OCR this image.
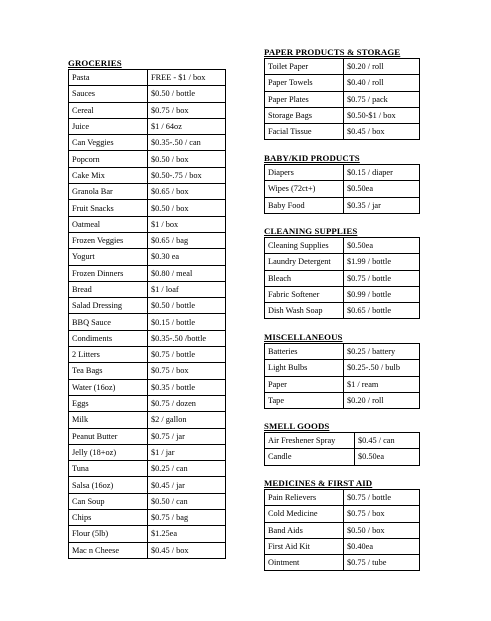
GROCERIES
Pasta	FREE - $1 / box
Sauces	$0.50 / bottle
Cereal	$0.75 / box
Juice	$1 / 64oz
Can Veggies	$0.35-.50 / can
Popcorn	$0.50 / box
Cake Mix	$0.50-.75 / box
Granola Bar	$0.65 / box
Fruit Snacks	$0.50 / box
Oatmeal	$1 / box
Frozen Veggies	$0.65 / bag
Yogurt	$0.30 ea
Frozen Dinners	$0.80 / meal
Bread	$1 / loaf
Salad Dressing	$0.50 / bottle
BBQ Sauce	$0.15 / bottle
Condiments	$0.35-.50 /bottle
2 Litters	$0.75 / bottle
Tea Bags	$0.75 / box
Water (16oz)	$0.35 / bottle
Eggs	$0.75 / dozen
Milk	$2 / gallon
Peanut Butter	$0.75 / jar
Jelly (18+oz)	$1 / jar
Tuna	$0.25 / can
Salsa (16oz)	$0.45 / jar
Can Soup	$0.50 / can
Chips	$0.75 / bag
Flour (5lb)	$1.25ea
Mac n Cheese	$0.45 / box
PAPER PRODUCTS & STORAGE
Toilet Paper	$0.20 / roll
Paper Towels	$0.40 / roll
Paper Plates	$0.75 / pack
Storage Bags	$0.50-$1 / box
Facial Tissue	$0.45 / box
BABY/KID PRODUCTS
Diapers	$0.15 / diaper
Wipes (72ct+)	$0.50ea
Baby Food	$0.35 / jar
CLEANING SUPPLIES
Cleaning Supplies	$0.50ea
Laundry Detergent	$1.99 / bottle
Bleach	$0.75 / bottle
Fabric Softener	$0.99 / bottle
Dish Wash Soap	$0.65 / bottle
MISCELLANEOUS
Batteries	$0.25 / battery
Light Bulbs	$0.25-.50 / bulb
Paper	$1 / ream
Tape	$0.20 / roll
SMELL GOODS
Air Freshener Spray	$0.45 / can
Candle	$0.50ea
MEDICINES & FIRST AID
Pain Relievers	$0.75 / bottle
Cold Medicine	$0.75 / box
Band Aids	$0.50 / box
First Aid Kit	$0.40ea
Ointment	$0.75 / tube
